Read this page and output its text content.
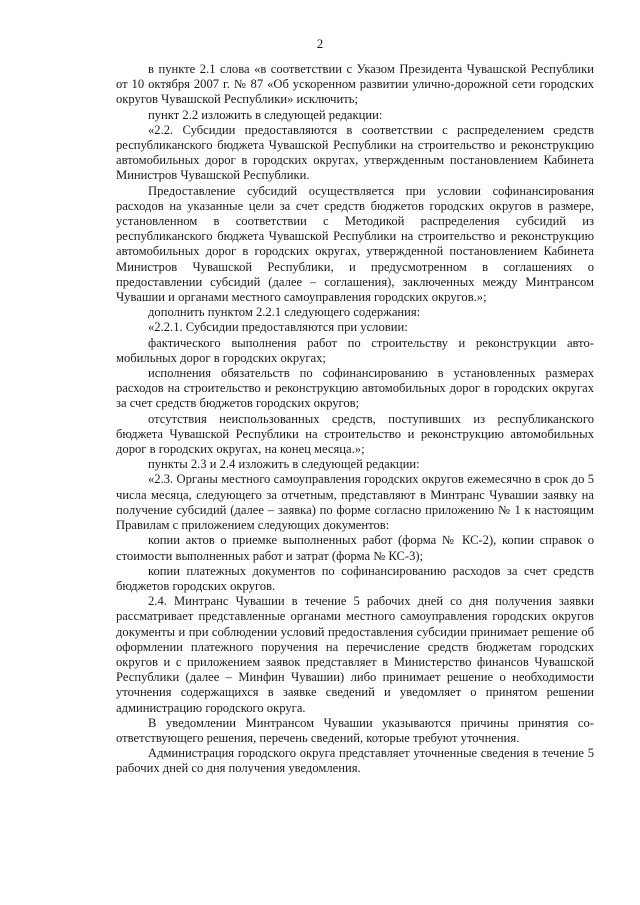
2

в пункте 2.1 слова «в соответствии с Указом Президента Чувашской Республики от 10 октября 2007 г. № 87 «Об ускоренном развитии улично-дорожной сети городских округов Чувашской Республики» исключить;

пункт 2.2 изложить в следующей редакции:

«2.2. Субсидии предоставляются в соответствии с распределением средств республиканского бюджета Чувашской Республики на строительство и реконструкцию автомобильных дорог в городских округах, утвержденным постановлением Кабинета Министров Чувашской Республики.

Предоставление субсидий осуществляется при условии софинансирования расходов на указанные цели за счет средств бюджетов городских округов в размере, установленном в соответствии с Методикой распределения субсидий из республиканского бюджета Чувашской Республики на строительство и реконструкцию автомобильных дорог в городских округах, утвержденной постановлением Кабинета Министров Чувашской Республики, и предусмотренном в соглашениях о предоставлении субсидий (далее – соглашения), заключенных между Минтрансом Чувашии и органами местного самоуправления городских округов.»;

дополнить пунктом 2.2.1 следующего содержания:

«2.2.1. Субсидии предоставляются при условии:

фактического выполнения работ по строительству и реконструкции автомобильных дорог в городских округах;

исполнения обязательств по софинансированию в установленных размерах расходов на строительство и реконструкцию автомобильных дорог в городских округах за счет средств бюджетов городских округов;

отсутствия неиспользованных средств, поступивших из республиканского бюджета Чувашской Республики на строительство и реконструкцию автомобильных дорог в городских округах, на конец месяца.»;

пункты 2.3 и 2.4 изложить в следующей редакции:

«2.3. Органы местного самоуправления городских округов ежемесячно в срок до 5 числа месяца, следующего за отчетным, представляют в Минтранс Чувашии заявку на получение субсидий (далее – заявка) по форме согласно приложению № 1 к настоящим Правилам с приложением следующих документов:

копии актов о приемке выполненных работ (форма № КС-2), копии справок о стоимости выполненных работ и затрат (форма № КС-3);

копии платежных документов по софинансированию расходов за счет средств бюджетов городских округов.

2.4. Минтранс Чувашии в течение 5 рабочих дней со дня получения заявки рассматривает представленные органами местного самоуправления городских округов документы и при соблюдении условий предоставления субсидии принимает решение об оформлении платежного поручения на перечисление средств бюджетам городских округов и с приложением заявок представляет в Министерство финансов Чувашской Республики (далее – Минфин Чувашии) либо принимает решение о необходимости уточнения содержащихся в заявке сведений и уведомляет о принятом решении администрацию городского округа.

В уведомлении Минтрансом Чувашии указываются причины принятия соответствующего решения, перечень сведений, которые требуют уточнения.

Администрация городского округа представляет уточненные сведения в течение 5 рабочих дней со дня получения уведомления.
